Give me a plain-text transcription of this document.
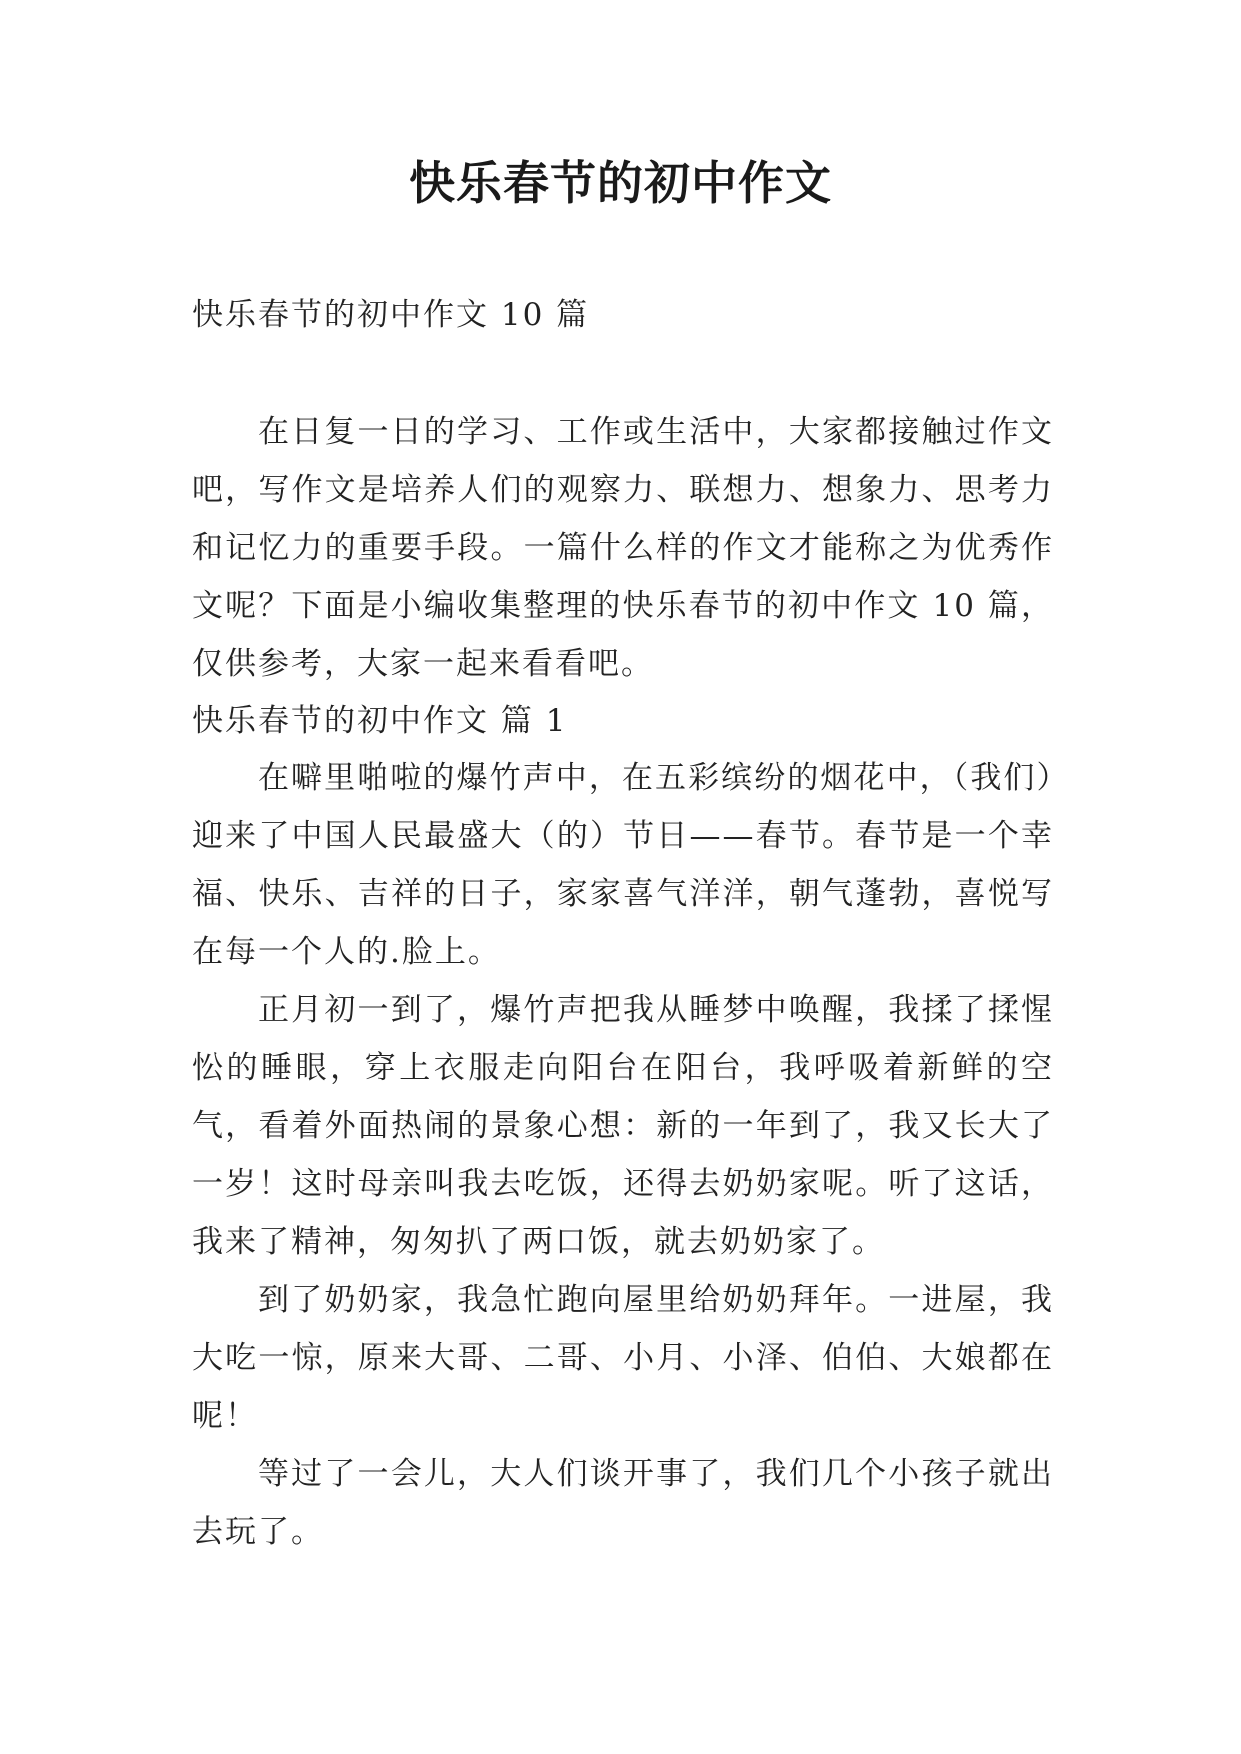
快乐春节的初中作文
快乐春节的初中作文 10 篇

在日复一日的学习、工作或生活中，大家都接触过作文吧，写作文是培养人们的观察力、联想力、想象力、思考力和记忆力的重要手段。一篇什么样的作文才能称之为优秀作文呢？下面是小编收集整理的快乐春节的初中作文 10 篇，仅供参考，大家一起来看看吧。

快乐春节的初中作文 篇 1

在噼里啪啦的爆竹声中，在五彩缤纷的烟花中，（我们）迎来了中国人民最盛大（的）节日——春节。春节是一个幸福、快乐、吉祥的日子，家家喜气洋洋，朝气蓬勃，喜悦写在每一个人的.脸上。

正月初一到了，爆竹声把我从睡梦中唤醒，我揉了揉惺忪的睡眼，穿上衣服走向阳台在阳台，我呼吸着新鲜的空气，看着外面热闹的景象心想：新的一年到了，我又长大了一岁！这时母亲叫我去吃饭，还得去奶奶家呢。听了这话，我来了精神，匆匆扒了两口饭，就去奶奶家了。

到了奶奶家，我急忙跑向屋里给奶奶拜年。一进屋，我大吃一惊，原来大哥、二哥、小月、小泽、伯伯、大娘都在呢！

等过了一会儿，大人们谈开事了，我们几个小孩子就出去玩了。
